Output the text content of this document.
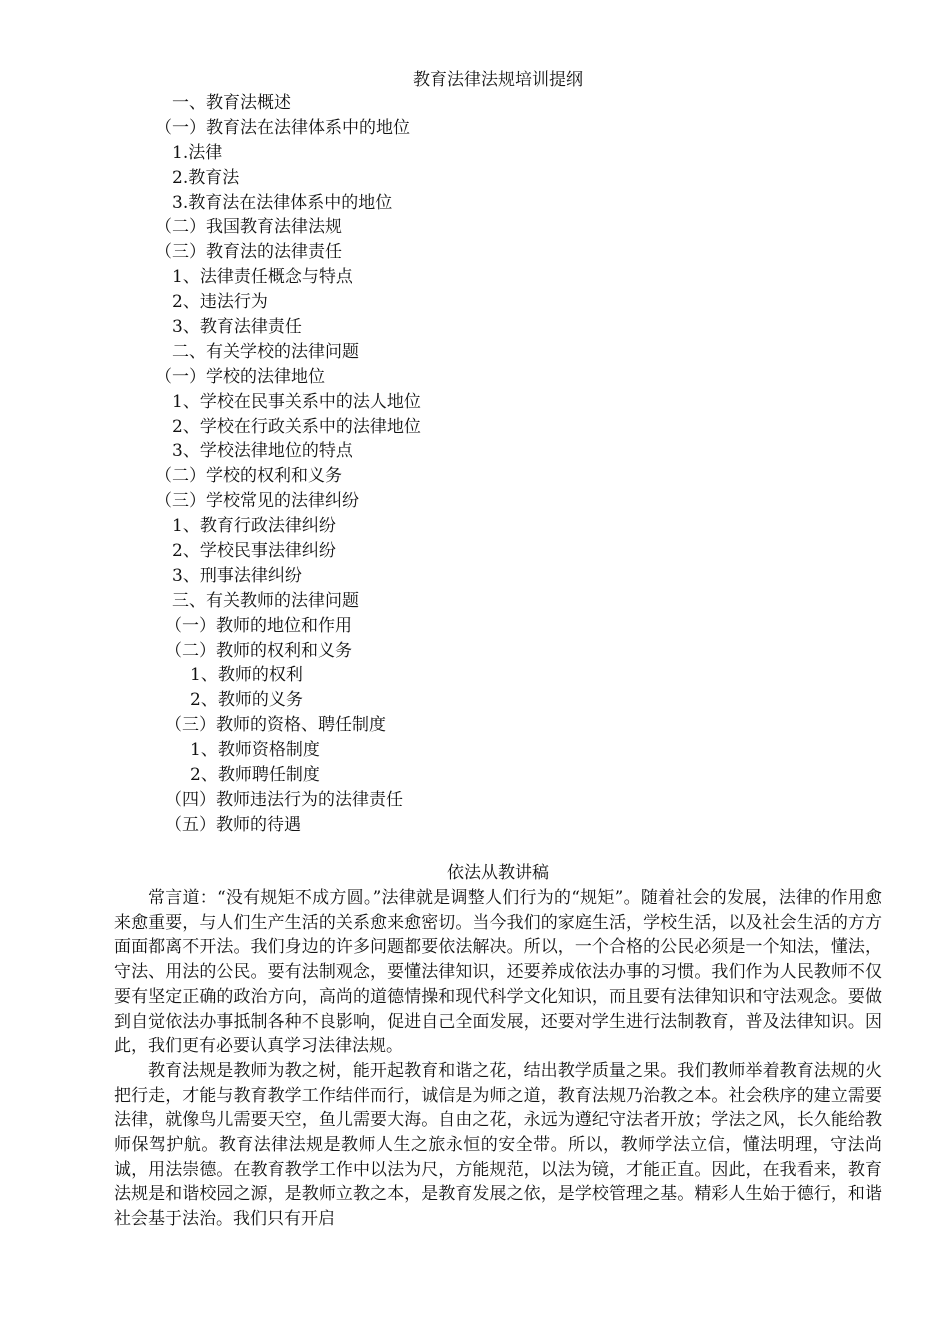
教育法律法规培训提纲
一、教育法概述
（一）教育法在法律体系中的地位
1.法律
2.教育法
3.教育法在法律体系中的地位
（二）我国教育法律法规
（三）教育法的法律责任
1、法律责任概念与特点
2、违法行为
3、教育法律责任
二、有关学校的法律问题
（一）学校的法律地位
1、学校在民事关系中的法人地位
2、学校在行政关系中的法律地位
3、学校法律地位的特点
（二）学校的权利和义务
（三）学校常见的法律纠纷
1、教育行政法律纠纷
2、学校民事法律纠纷
3、刑事法律纠纷
三、有关教师的法律问题
（一）教师的地位和作用
（二）教师的权利和义务
1、教师的权利
2、教师的义务
（三）教师的资格、聘任制度
1、教师资格制度
2、教师聘任制度
（四）教师违法行为的法律责任
（五）教师的待遇
依法从教讲稿

常言道：“没有规矩不成方圆。”法律就是调整人们行为的“规矩”。随着社会的发展，法律的作用愈来愈重要，与人们生产生活的关系愈来愈密切。当今我们的家庭生活，学校生活，以及社会生活的方方面面都离不开法。我们身边的许多问题都要依法解决。所以，一个合格的公民必须是一个知法，懂法，守法、用法的公民。要有法制观念，要懂法律知识，还要养成依法办事的习惯。我们作为人民教师不仅要有坚定正确的政治方向，高尚的道德情操和现代科学文化知识，而且要有法律知识和守法观念。要做到自觉依法办事抵制各种不良影响，促进自己全面发展，还要对学生进行法制教育，普及法律知识。因此，我们更有必要认真学习法律法规。

教育法规是教师为教之树，能开起教育和谐之花，结出教学质量之果。我们教师举着教育法规的火把行走，才能与教育教学工作结伴而行，诚信是为师之道，教育法规乃治教之本。社会秩序的建立需要法律，就像鸟儿需要天空，鱼儿需要大海。自由之花，永远为遵纪守法者开放；学法之风，长久能给教师保驾护航。教育法律法规是教师人生之旅永恒的安全带。所以，教师学法立信，懂法明理，守法尚诚，用法崇德。在教育教学工作中以法为尺，方能规范，以法为镜，才能正直。因此，在我看来，教育法规是和谐校园之源，是教师立教之本，是教育发展之依，是学校管理之基。精彩人生始于德行，和谐社会基于法治。我们只有开启
